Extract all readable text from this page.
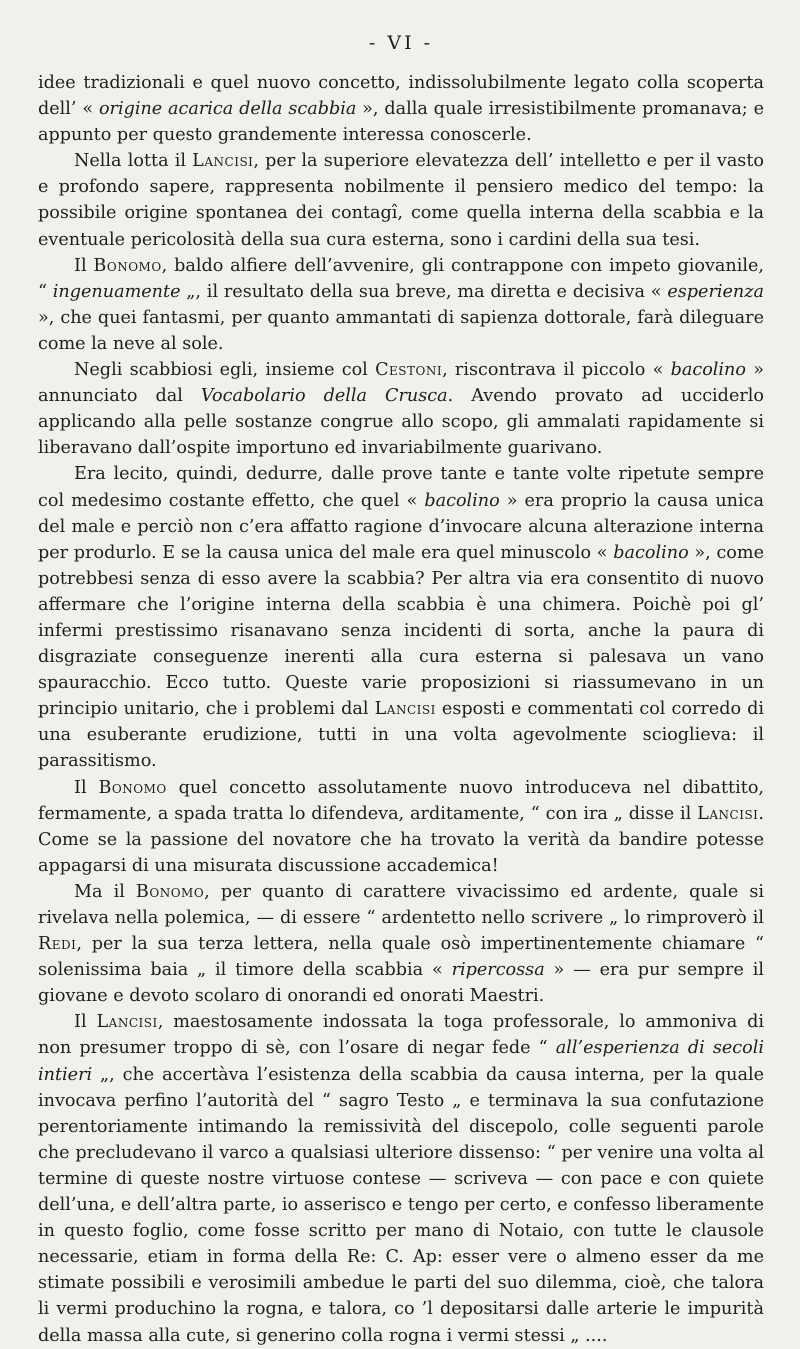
- VI -

idee tradizionali e quel nuovo concetto, indissolubilmente legato colla scoperta dell’ « origine acarica della scabbia », dalla quale irresistibilmente promanava; e appunto per questo grandemente interessa conoscerle.

Nella lotta il Lancisi, per la superiore elevatezza dell’ intelletto e per il vasto e profondo sapere, rappresenta nobilmente il pensiero medico del tempo: la possibile origine spontanea dei contagî, come quella interna della scabbia e la eventuale pericolosità della sua cura esterna, sono i cardini della sua tesi.

Il Bonomo, baldo alfiere dell’avvenire, gli contrappone con impeto giovanile, “ ingenuamente „, il resultato della sua breve, ma diretta e decisiva « esperienza », che quei fantasmi, per quanto ammantati di sapienza dottorale, farà dileguare come la neve al sole.

Negli scabbiosi egli, insieme col Cestoni, riscontrava il piccolo « bacolino » annunciato dal Vocabolario della Crusca. Avendo provato ad ucciderlo applicando alla pelle sostanze congrue allo scopo, gli ammalati rapidamente si liberavano dall’ospite importuno ed invariabilmente guarivano.

Era lecito, quindi, dedurre, dalle prove tante e tante volte ripetute sempre col medesimo costante effetto, che quel « bacolino » era proprio la causa unica del male e perciò non c’era affatto ragione d’invocare alcuna alterazione interna per produrlo. E se la causa unica del male era quel minuscolo « bacolino », come potrebbesi senza di esso avere la scabbia? Per altra via era consentito di nuovo affermare che l’origine interna della scabbia è una chimera. Poichè poi gl’ infermi prestissimo risanavano senza incidenti di sorta, anche la paura di disgraziate conseguenze inerenti alla cura esterna si palesava un vano spauracchio. Ecco tutto. Queste varie proposizioni si riassumevano in un principio unitario, che i problemi dal Lancisi esposti e commentati col corredo di una esuberante erudizione, tutti in una volta agevolmente scioglieva: il parassitismo.

Il Bonomo quel concetto assolutamente nuovo introduceva nel dibattito, fermamente, a spada tratta lo difendeva, arditamente, “ con ira „ disse il Lancisi. Come se la passione del novatore che ha trovato la verità da bandire potesse appagarsi di una misurata discussione accademica!

Ma il Bonomo, per quanto di carattere vivacissimo ed ardente, quale si rivelava nella polemica, — di essere “ ardentetto nello scrivere „ lo rimproverò il Redi, per la sua terza lettera, nella quale osò impertinentemente chiamare “ solenissima baia „ il timore della scabbia « ripercossa » — era pur sempre il giovane e devoto scolaro di onorandi ed onorati Maestri.

Il Lancisi, maestosamente indossata la toga professorale, lo ammoniva di non presumer troppo di sè, con l’osare di negar fede “ all’esperienza di secoli intieri „, che accertàva l’esistenza della scabbia da causa interna, per la quale invocava perfino l’autorità del “ sagro Testo „ e terminava la sua confutazione perentoriamente intimando la remissività del discepolo, colle seguenti parole che precludevano il varco a qualsiasi ulteriore dissenso: “ per venire una volta al termine di queste nostre virtuose contese — scriveva — con pace e con quiete dell’una, e dell’altra parte, io asserisco e tengo per certo, e confesso liberamente in questo foglio, come fosse scritto per mano di Notaio, con tutte le clausole necessarie, etiam in forma della Re: C. Ap: esser vere o almeno esser da me stimate possibili e verosimili ambedue le parti del suo dilemma, cioè, che talora li vermi produchino la rogna, e talora, co ’l depositarsi dalle arterie le impurità della massa alla cute, si generino colla rogna i vermi stessi „ ....
